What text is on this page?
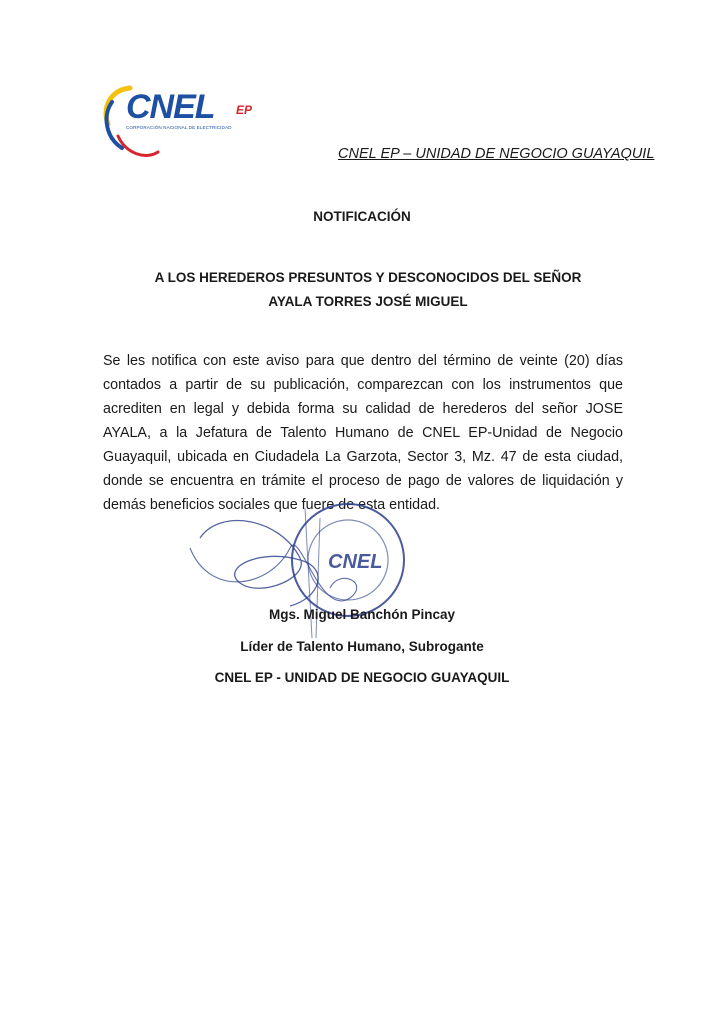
CNEL EP
CORPORACIÓN NACIONAL DE ELECTRICIDAD
CNEL EP – UNIDAD DE NEGOCIO GUAYAQUIL
NOTIFICACIÓN
A LOS HEREDEROS PRESUNTOS Y DESCONOCIDOS DEL SEÑOR
AYALA TORRES JOSÉ MIGUEL
Se les notifica con este aviso para que dentro del término de veinte (20) días contados a partir de su publicación, comparezcan con los instrumentos que acrediten en legal y debida forma su calidad de herederos del señor JOSE AYALA, a la Jefatura de Talento Humano de CNEL EP-Unidad de Negocio Guayaquil, ubicada en Ciudadela La Garzota, Sector 3, Mz. 47 de esta ciudad, donde se encuentra en trámite el proceso de pago de valores de liquidación y demás beneficios sociales que fuere de esta entidad.
CNEL
Mgs. Miguel Banchón Pincay
Líder de Talento Humano, Subrogante
CNEL EP - UNIDAD DE NEGOCIO GUAYAQUIL
